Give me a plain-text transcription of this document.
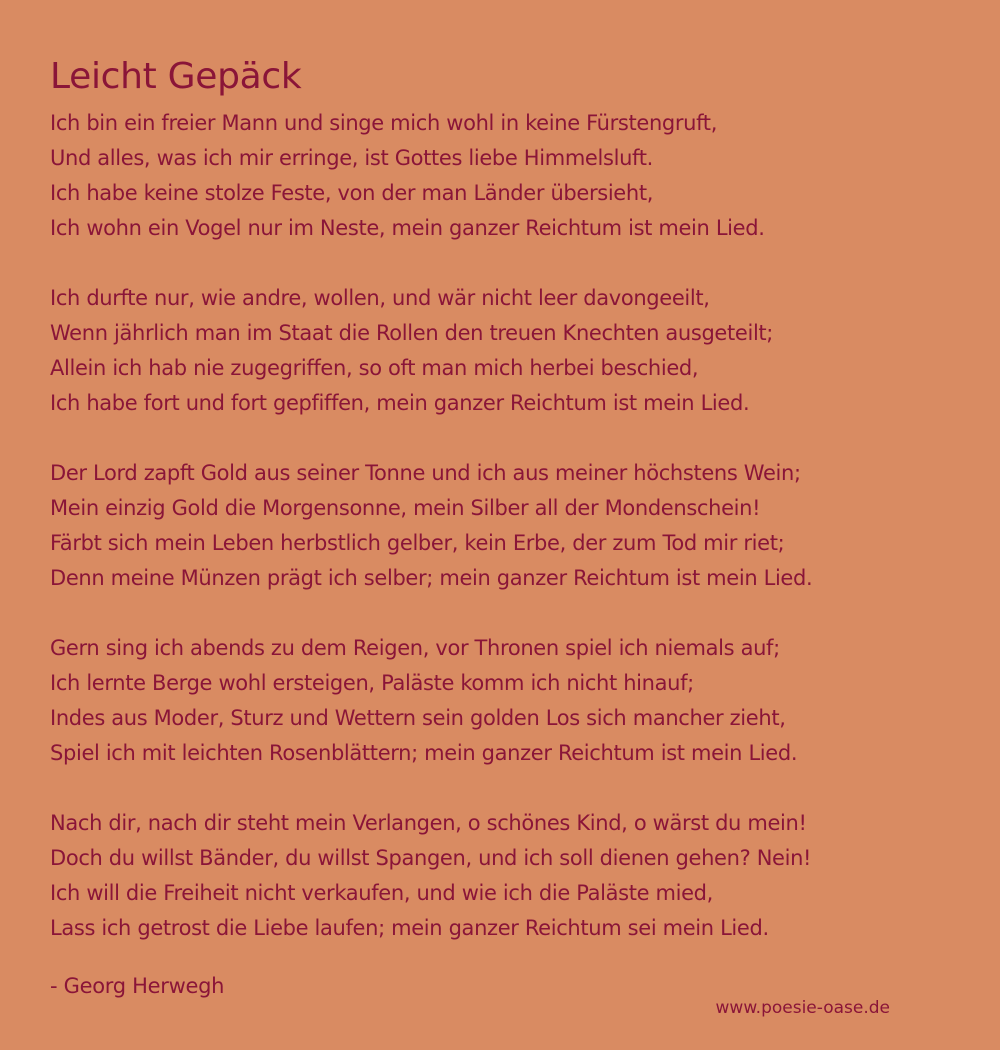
Leicht Gepäck
Ich bin ein freier Mann und singe mich wohl in keine Fürstengruft,
Und alles, was ich mir erringe, ist Gottes liebe Himmelsluft.
Ich habe keine stolze Feste, von der man Länder übersieht,
Ich wohn ein Vogel nur im Neste, mein ganzer Reichtum ist mein Lied.
Ich durfte nur, wie andre, wollen, und wär nicht leer davongeeilt,
Wenn jährlich man im Staat die Rollen den treuen Knechten ausgeteilt;
Allein ich hab nie zugegriffen, so oft man mich herbei beschied,
Ich habe fort und fort gepfiffen, mein ganzer Reichtum ist mein Lied.
Der Lord zapft Gold aus seiner Tonne und ich aus meiner höchstens Wein;
Mein einzig Gold die Morgensonne, mein Silber all der Mondenschein!
Färbt sich mein Leben herbstlich gelber, kein Erbe, der zum Tod mir riet;
Denn meine Münzen prägt ich selber; mein ganzer Reichtum ist mein Lied.
Gern sing ich abends zu dem Reigen, vor Thronen spiel ich niemals auf;
Ich lernte Berge wohl ersteigen, Paläste komm ich nicht hinauf;
Indes aus Moder, Sturz und Wettern sein golden Los sich mancher zieht,
Spiel ich mit leichten Rosenblättern; mein ganzer Reichtum ist mein Lied.
Nach dir, nach dir steht mein Verlangen, o schönes Kind, o wärst du mein!
Doch du willst Bänder, du willst Spangen, und ich soll dienen gehen? Nein!
Ich will die Freiheit nicht verkaufen, und wie ich die Paläste mied,
Lass ich getrost die Liebe laufen; mein ganzer Reichtum sei mein Lied.
- Georg Herwegh
www.poesie-oase.de
